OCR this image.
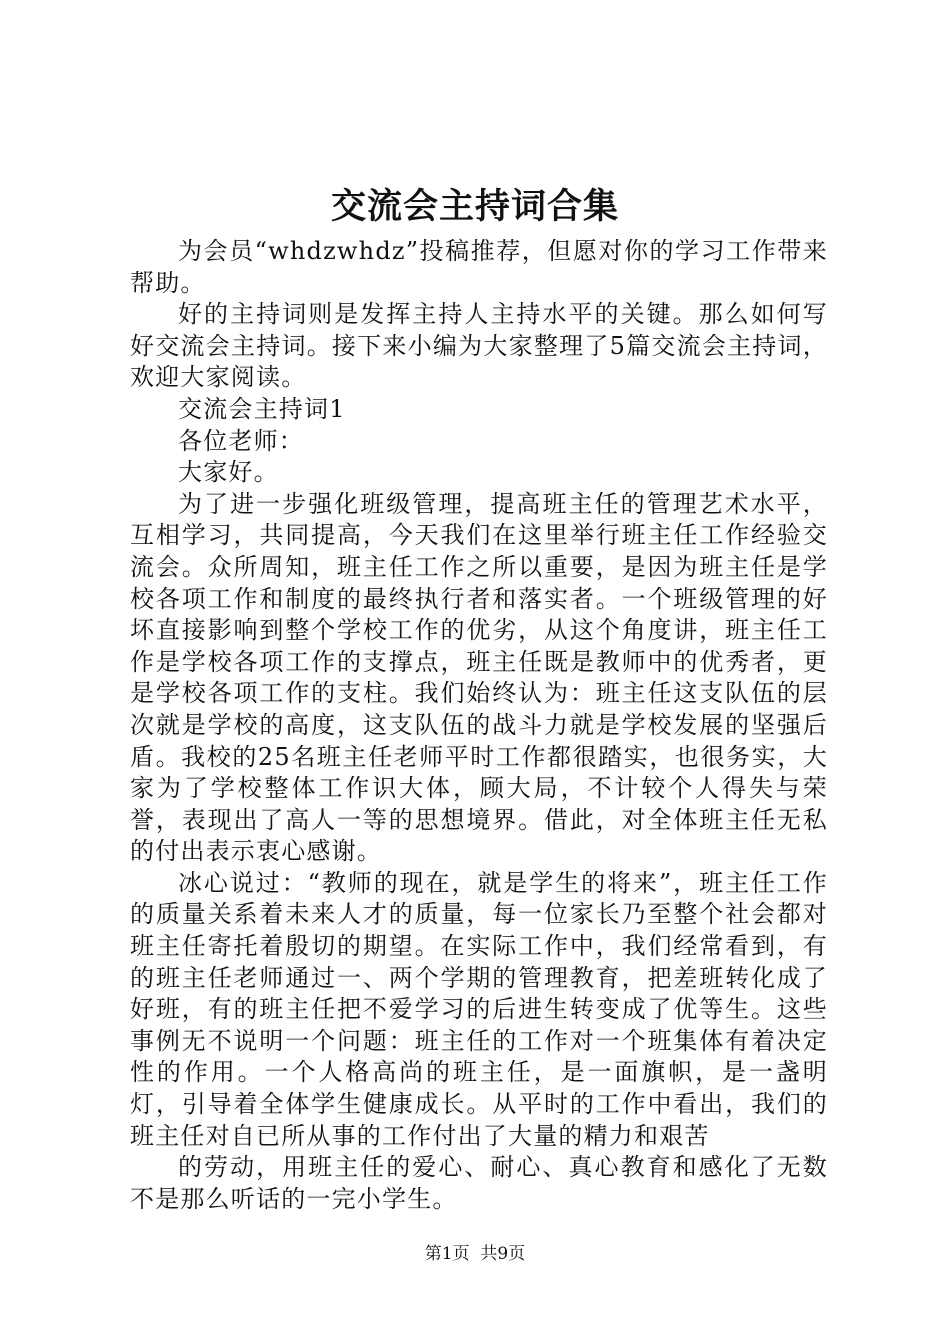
交流会主持词合集

为会员“whdzwhdz”投稿推荐，但愿对你的学习工作带来帮助。

好的主持词则是发挥主持人主持水平的关键。那么如何写好交流会主持词。接下来小编为大家整理了5篇交流会主持词，欢迎大家阅读。

交流会主持词1

各位老师：

大家好。

为了进一步强化班级管理，提高班主任的管理艺术水平，互相学习，共同提高，今天我们在这里举行班主任工作经验交流会。众所周知，班主任工作之所以重要，是因为班主任是学校各项工作和制度的最终执行者和落实者。一个班级管理的好坏直接影响到整个学校工作的优劣，从这个角度讲，班主任工作是学校各项工作的支撑点，班主任既是教师中的优秀者，更是学校各项工作的支柱。我们始终认为：班主任这支队伍的层次就是学校的高度，这支队伍的战斗力就是学校发展的坚强后盾。我校的25名班主任老师平时工作都很踏实，也很务实，大家为了学校整体工作识大体，顾大局，不计较个人得失与荣誉，表现出了高人一等的思想境界。借此，对全体班主任无私的付出表示衷心感谢。

冰心说过：“教师的现在，就是学生的将来”，班主任工作的质量关系着未来人才的质量，每一位家长乃至整个社会都对班主任寄托着殷切的期望。在实际工作中，我们经常看到，有的班主任老师通过一、两个学期的管理教育，把差班转化成了好班，有的班主任把不爱学习的后进生转变成了优等生。这些事例无不说明一个问题：班主任的工作对一个班集体有着决定性的作用。一个人格高尚的班主任，是一面旗帜，是一盏明灯，引导着全体学生健康成长。从平时的工作中看出，我们的班主任对自已所从事的工作付出了大量的精力和艰苦

的劳动，用班主任的爱心、耐心、真心教育和感化了无数不是那么听话的一完小学生。

第1页 共9页
